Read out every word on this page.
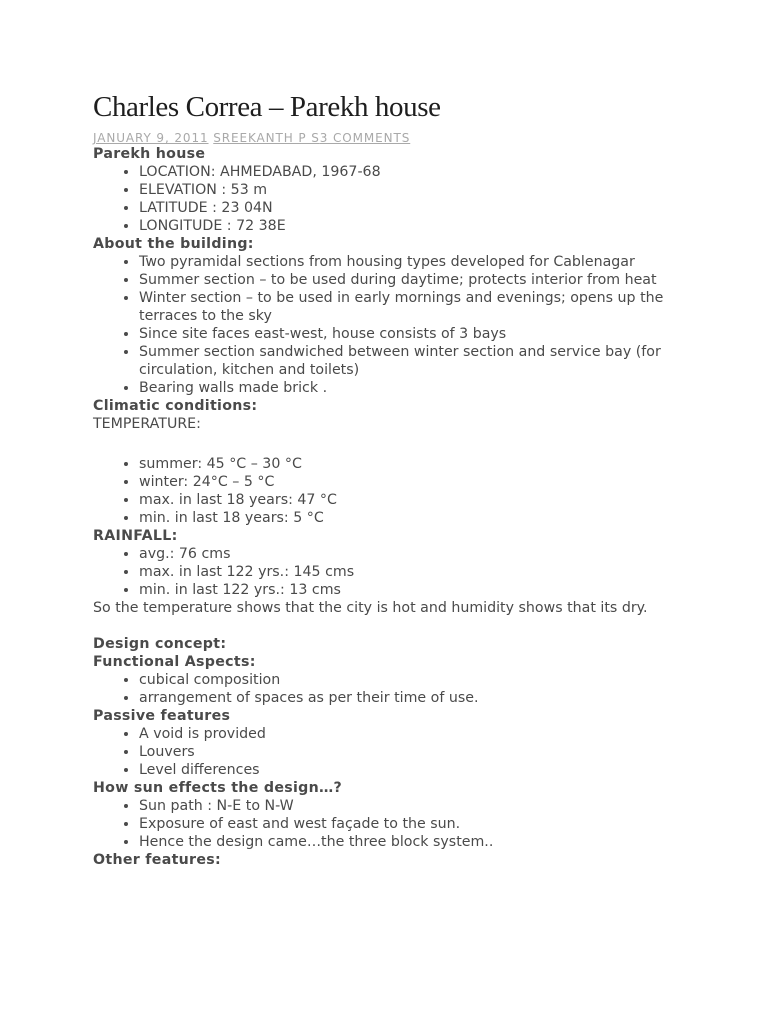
Charles Correa – Parekh house
JANUARY 9, 2011 SREEKANTH P S3 COMMENTS

Parekh house

• LOCATION: AHMEDABAD, 1967-68
• ELEVATION : 53 m
• LATITUDE : 23 04N
• LONGITUDE : 72 38E

About the building:

• Two pyramidal sections from housing types developed for Cablenagar
• Summer section – to be used during daytime; protects interior from heat
• Winter section – to be used in early mornings and evenings; opens up the terraces to the sky
• Since site faces east-west, house consists of 3 bays
• Summer section sandwiched between winter section and service bay (for circulation, kitchen and toilets)
• Bearing walls made brick .

Climatic conditions:

TEMPERATURE:

• summer: 45 °C – 30 °C
• winter: 24°C – 5 °C
• max. in last 18 years: 47 °C
• min. in last 18 years: 5 °C

RAINFALL:

• avg.: 76 cms
• max. in last 122 yrs.: 145 cms
• min. in last 122 yrs.: 13 cms

So the temperature shows that the city is hot and humidity shows that its dry.

Design concept:

Functional Aspects:

• cubical composition
• arrangement of spaces as per their time of use.

Passive features

• A void is provided
• Louvers
• Level differences

How sun effects the design…?

• Sun path : N-E to N-W
• Exposure of east and west façade to the sun.
• Hence the design came…the three block system..

Other features:
